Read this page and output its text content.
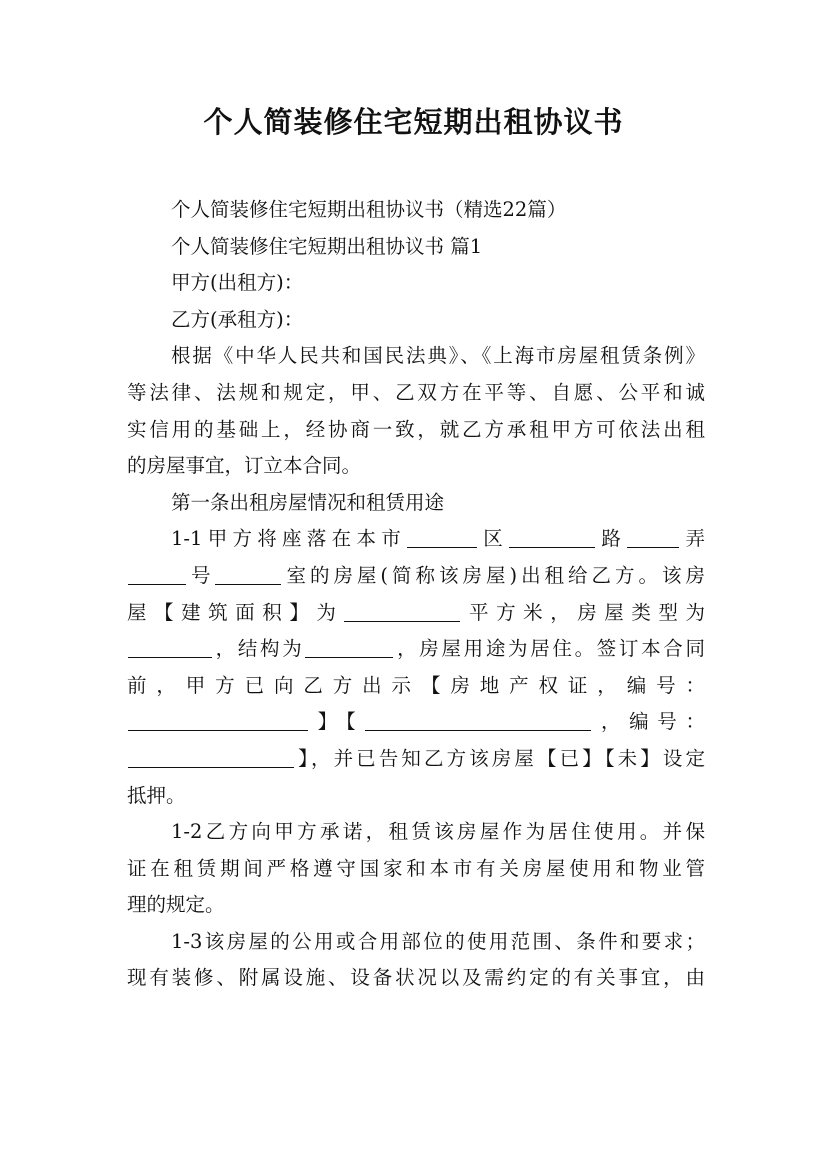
个人简装修住宅短期出租协议书

个人简装修住宅短期出租协议书（精选22篇）

个人简装修住宅短期出租协议书 篇1

甲方(出租方)：

乙方(承租方)：

根据《中华人民共和国民法典》、《上海市房屋租赁条例》

等法律、法规和规定，甲、乙双方在平等、自愿、公平和诚

实信用的基础上，经协商一致，就乙方承租甲方可依法出租

的房屋事宜，订立本合同。

第一条出租房屋情况和租赁用途

1-1甲方将座落在本市	区	路	弄

号	室的房屋(简称该房屋)出租给乙方。该房

屋【建筑面积】为	平方米，房屋类型为

，结构为	，房屋用途为居住。签订本合同

前，甲方已向乙方出示【房地产权证，编号：

】【	，编号：

】，并已告知乙方该房屋【已】【未】设定

抵押。

1-2乙方向甲方承诺，租赁该房屋作为居住使用。并保

证在租赁期间严格遵守国家和本市有关房屋使用和物业管

理的规定。

1-3该房屋的公用或合用部位的使用范围、条件和要求；

现有装修、附属设施、设备状况以及需约定的有关事宜，由
